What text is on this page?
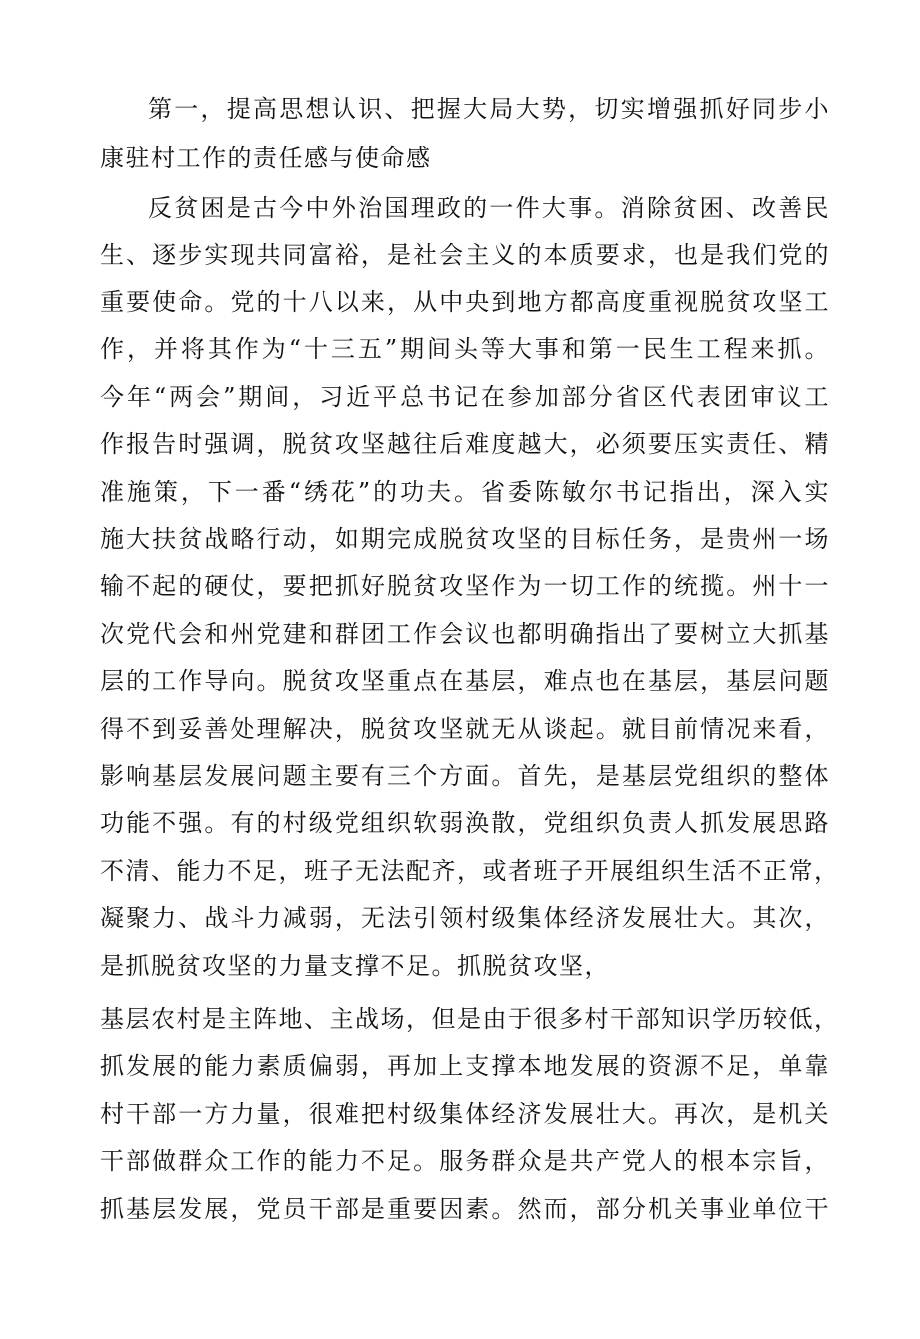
第一，提高思想认识、把握大局大势，切实增强抓好同步小
康驻村工作的责任感与使命感
反贫困是古今中外治国理政的一件大事。消除贫困、改善民
生、逐步实现共同富裕，是社会主义的本质要求，也是我们党的
重要使命。党的十八以来，从中央到地方都高度重视脱贫攻坚工
作，并将其作为“十三五”期间头等大事和第一民生工程来抓。
今年“两会”期间，习近平总书记在参加部分省区代表团审议工
作报告时强调，脱贫攻坚越往后难度越大，必须要压实责任、精
准施策，下一番“绣花”的功夫。省委陈敏尔书记指出，深入实
施大扶贫战略行动，如期完成脱贫攻坚的目标任务，是贵州一场
输不起的硬仗，要把抓好脱贫攻坚作为一切工作的统揽。州十一
次党代会和州党建和群团工作会议也都明确指出了要树立大抓基
层的工作导向。脱贫攻坚重点在基层，难点也在基层，基层问题
得不到妥善处理解决，脱贫攻坚就无从谈起。就目前情况来看，
影响基层发展问题主要有三个方面。首先，是基层党组织的整体
功能不强。有的村级党组织软弱涣散，党组织负责人抓发展思路
不清、能力不足，班子无法配齐，或者班子开展组织生活不正常，
凝聚力、战斗力减弱，无法引领村级集体经济发展壮大。其次，
是抓脱贫攻坚的力量支撑不足。抓脱贫攻坚，
基层农村是主阵地、主战场，但是由于很多村干部知识学历较低，
抓发展的能力素质偏弱，再加上支撑本地发展的资源不足，单靠
村干部一方力量，很难把村级集体经济发展壮大。再次，是机关
干部做群众工作的能力不足。服务群众是共产党人的根本宗旨，
抓基层发展，党员干部是重要因素。然而，部分机关事业单位干
